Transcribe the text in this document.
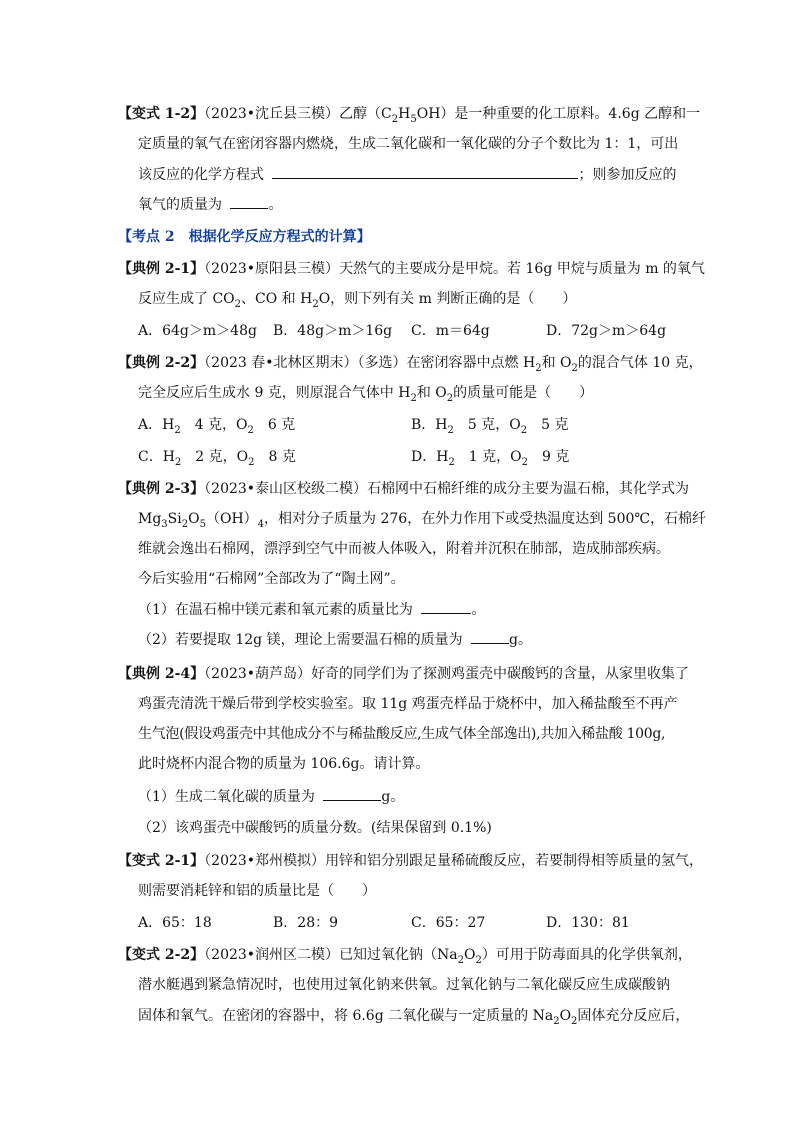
【变式 1-2】（2023•沈丘县三模）乙醇$(C_2H_5OH)$是一种重要的化工原料。4.6g 乙醇和一
定质量的氧气在密闭容器内燃烧，生成二氧化碳和一氧化碳的分子个数比为 1：1，可出
该反应的化学方程式	；则参加反应的
氧气的质量为	。
【考点 2　根据化学反应方程式的计算】
【典例 2-1】（2023•原阳县三模）天然气的主要成分是甲烷。若 16g 甲烷与质量为 m 的氧气
反应生成了 $CO_2$、CO 和 $H_2O$，则下列有关 m 判断正确的是（　　）
A．64g＞m＞48g B．48g＞m＞16g C．m＝64g	D．72g＞m＞64g
【典例 2-2】（2023 春•北林区期末）（多选）在密闭容器中点燃 $H_2$和 $O_2$的混合气体 10 克，
完全反应后生成水 9 克，则原混合气体中 $H_2$和 $O_2$的质量可能是（　　）
A．$H_2$　4 克，$O_2$　6 克	B．$H_2$　5 克，$O_2$　5 克
C．$H_2$　2 克，$O_2$　8 克	D．$H_2$　1 克，$O_2$　9 克
【典例 2-3】（2023•泰山区校级二模）石棉网中石棉纤维的成分主要为温石棉，其化学式为
$Mg_3Si_2O_5(OH)_4$，相对分子质量为 276，在外力作用下或受热温度达到 500℃，石棉纤
维就会逸出石棉网，漂浮到空气中而被人体吸入，附着并沉积在肺部，造成肺部疾病。
今后实验用“石棉网”全部改为了“陶土网”。
（1）在温石棉中镁元素和氧元素的质量比为	。
（2）若要提取 12g 镁，理论上需要温石棉的质量为	g。
【典例 2-4】（2023•葫芦岛）好奇的同学们为了探测鸡蛋壳中碳酸钙的含量，从家里收集了
鸡蛋壳清洗干燥后带到学校实验室。取 11g 鸡蛋壳样品于烧杯中，加入稀盐酸至不再产
生气泡(假设鸡蛋壳中其他成分不与稀盐酸反应,生成气体全部逸出),共加入稀盐酸 100g,
此时烧杯内混合物的质量为 106.6g。请计算。
（1）生成二氧化碳的质量为	g。
（2）该鸡蛋壳中碳酸钙的质量分数。(结果保留到 0.1%)
【变式 2-1】（2023•郑州模拟）用锌和铝分别跟足量稀硫酸反应，若要制得相等质量的氢气，
则需要消耗锌和铝的质量比是（　　）
A．65：18	B．28：9	C．65：27	D．130：81
【变式 2-2】（2023•润州区二模）已知过氧化钠$(Na_2O_2)$可用于防毒面具的化学供氧剂，
潜水艇遇到紧急情况时，也使用过氧化钠来供氧。过氧化钠与二氧化碳反应生成碳酸钠
固体和氧气。在密闭的容器中，将 6.6g 二氧化碳与一定质量的 $Na_2O_2$固体充分反应后，
